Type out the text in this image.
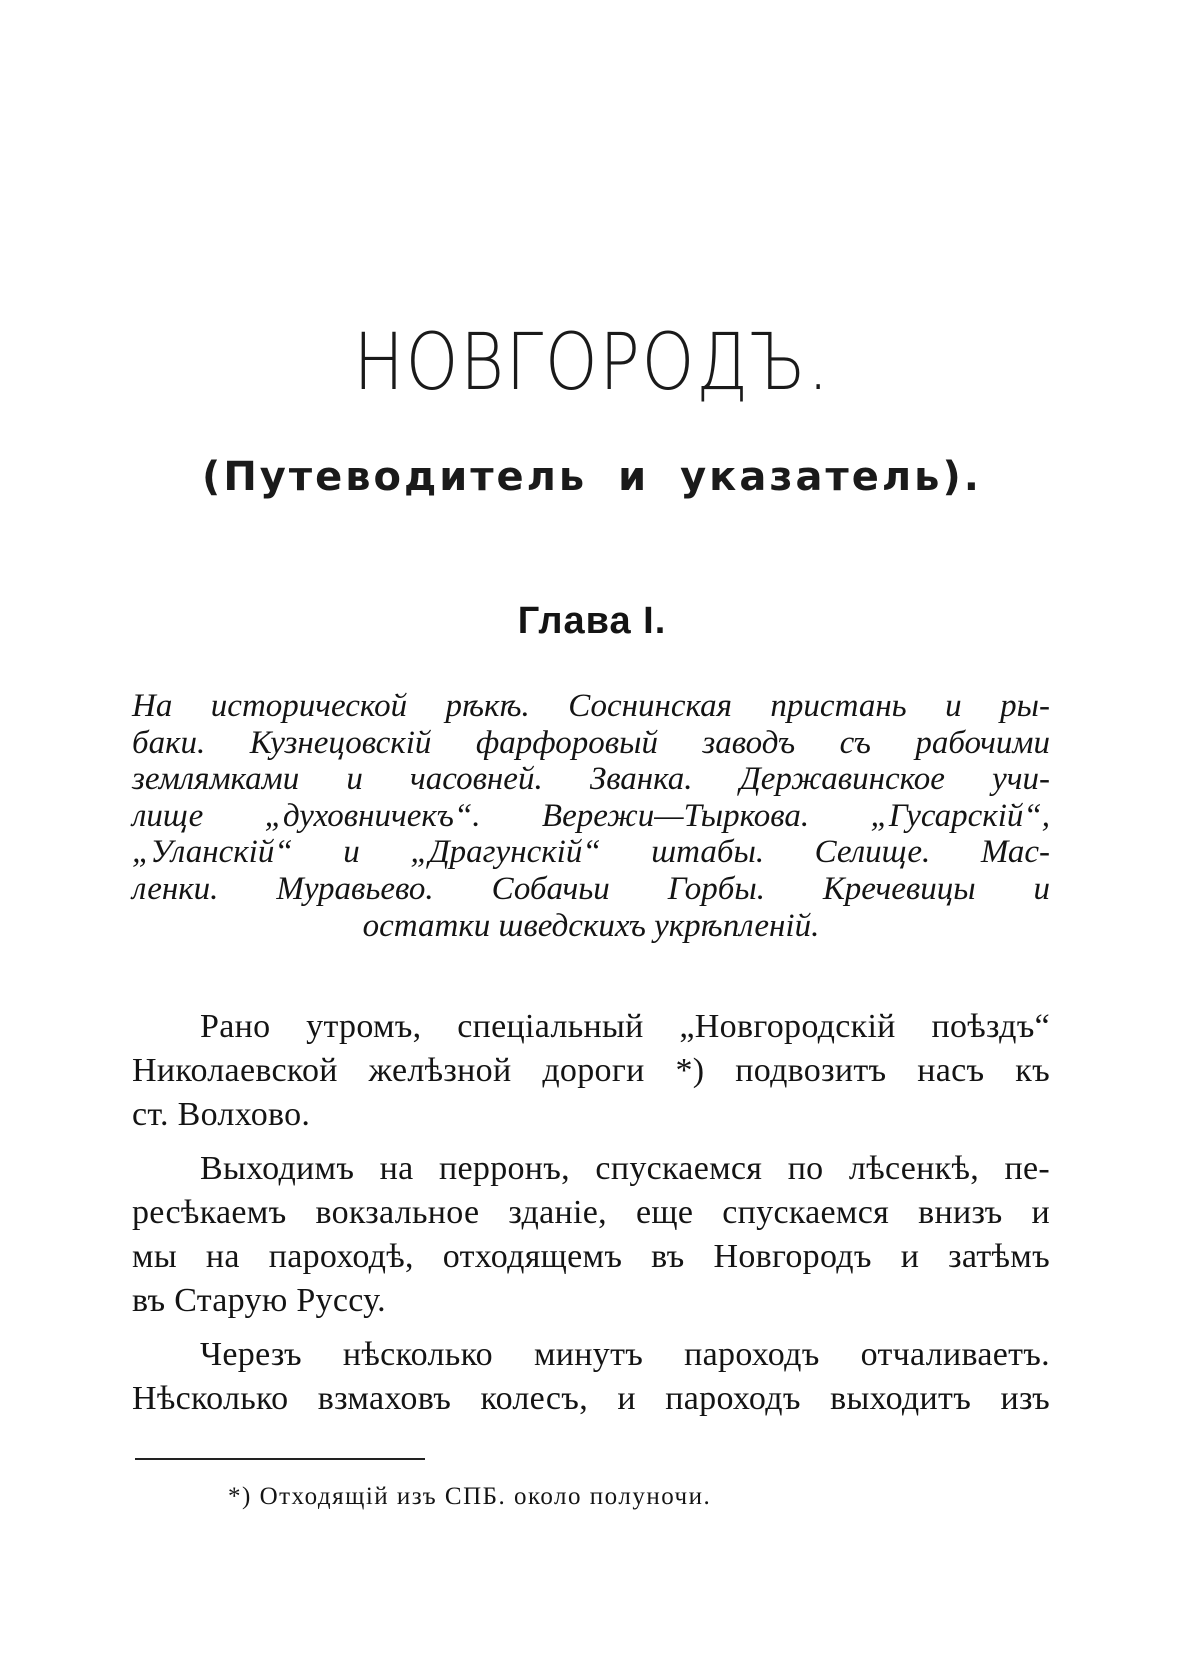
НОВГОРОДЪ.
(Путеводитель и указатель).
Глава I.
На исторической рѣкѣ. Соснинская пристань и ры-
баки. Кузнецовскій фарфоровый заводъ съ рабочими
землямками и часовней. Званка. Державинское учи-
лище „духовничекъ“. Вережи—Тыркова. „Гусарскій“,
„Уланскій“ и „Драгунскій“ штабы. Селище. Мас-
ленки. Муравьево. Собачьи Горбы. Кречевицы и
остатки шведскихъ укрѣпленій.
Рано утромъ, спеціальный „Новгородскій поѣздъ“
Николаевской желѣзной дороги *) подвозитъ насъ къ
ст. Волхово.
Выходимъ на перронъ, спускаемся по лѣсенкѣ, пе-
ресѣкаемъ вокзальное зданіе, еще спускаемся внизъ и
мы на пароходѣ, отходящемъ въ Новгородъ и затѣмъ
въ Старую Руссу.
Черезъ нѣсколько минутъ пароходъ отчаливаетъ.
Нѣсколько взмаховъ колесъ, и пароходъ выходитъ изъ

*) Отходящій изъ СПБ. около полуночи.
